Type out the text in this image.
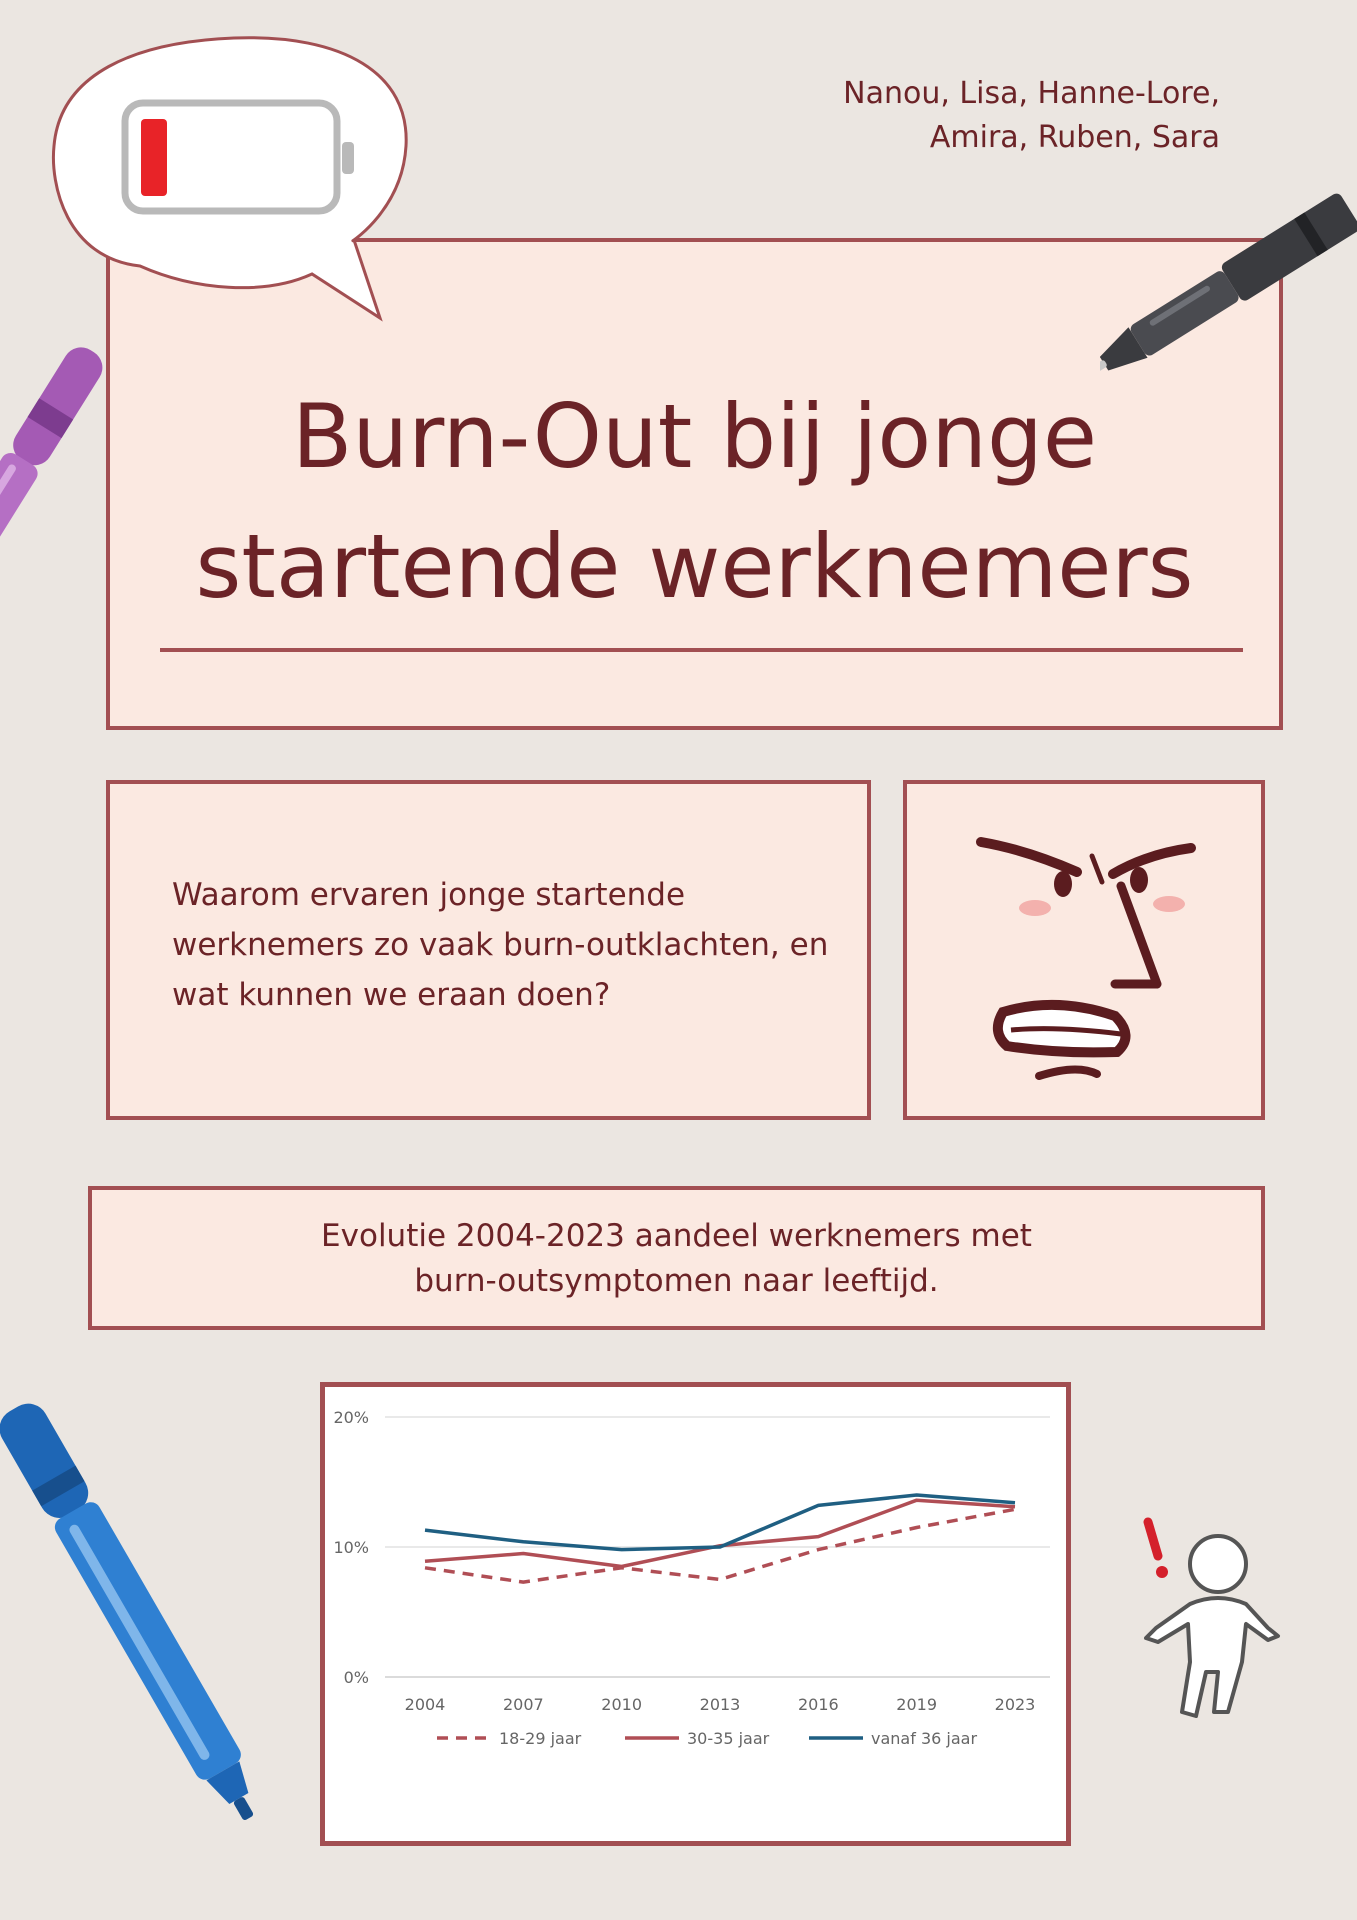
Nanou, Lisa, Hanne-Lore,
Amira, Ruben, Sara
Burn-Out bij jonge
startende werknemers
Waarom ervaren jonge startende werknemers zo vaak burn-outklachten, en wat kunnen we eraan doen?
Evolutie 2004-2023 aandeel werknemers met
burn-outsymptomen naar leeftijd.
0%
10%
20%
2004	2007	2010	2013	2016	2019	2023
18-29 jaar	30-35 jaar	vanaf 36 jaar
